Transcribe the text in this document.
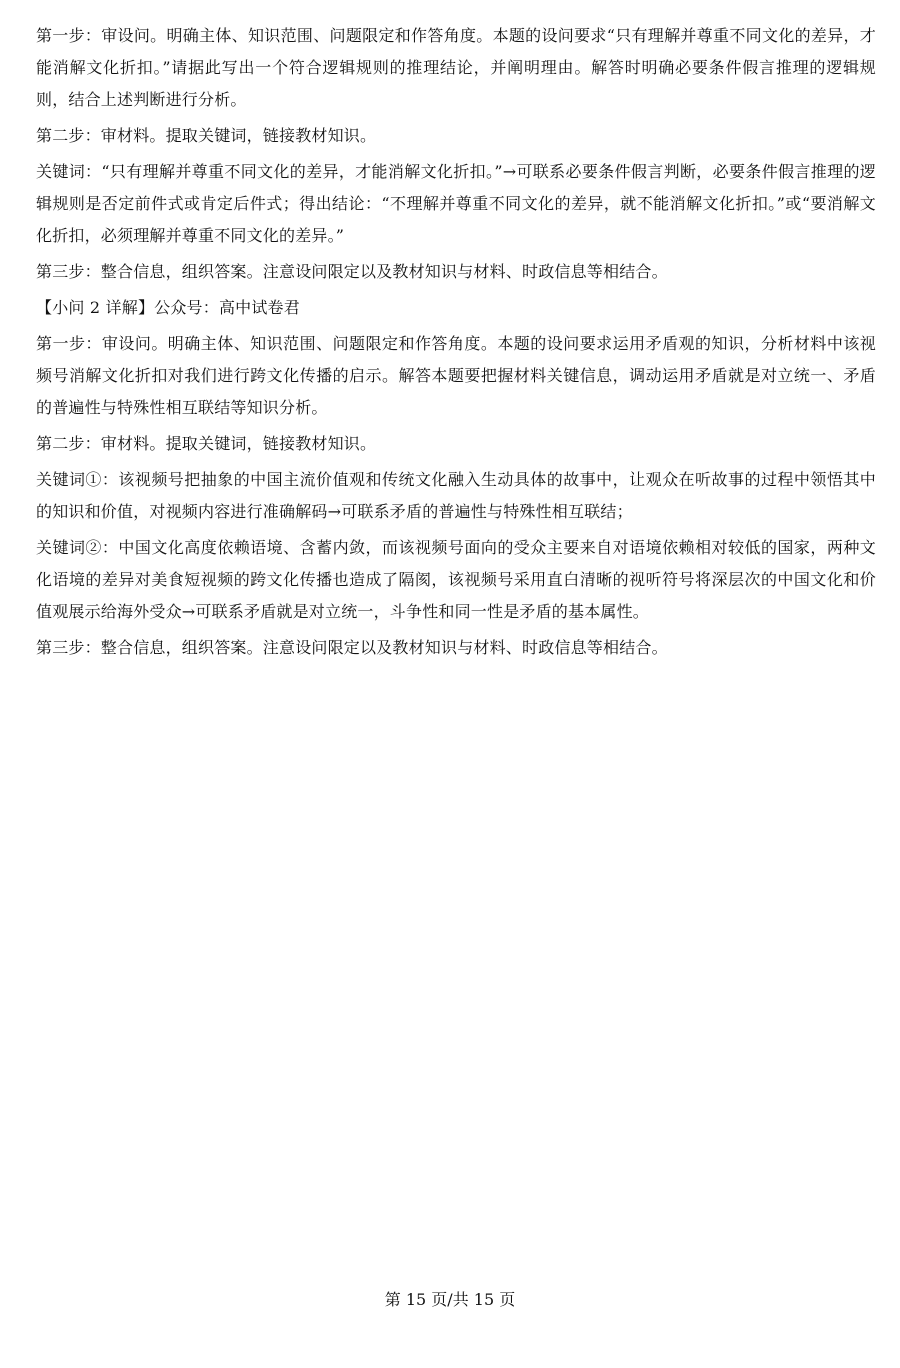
第一步：审设问。明确主体、知识范围、问题限定和作答角度。本题的设问要求“只有理解并尊重不同文化的差异，才能消解文化折扣。”请据此写出一个符合逻辑规则的推理结论，并阐明理由。解答时明确必要条件假言推理的逻辑规则，结合上述判断进行分析。

第二步：审材料。提取关键词，链接教材知识。

关键词：“只有理解并尊重不同文化的差异，才能消解文化折扣。”→可联系必要条件假言判断，必要条件假言推理的逻辑规则是否定前件式或肯定后件式；得出结论：“不理解并尊重不同文化的差异，就不能消解文化折扣。”或“要消解文化折扣，必须理解并尊重不同文化的差异。”

第三步：整合信息，组织答案。注意设问限定以及教材知识与材料、时政信息等相结合。

【小问 2 详解】公众号：高中试卷君

第一步：审设问。明确主体、知识范围、问题限定和作答角度。本题的设问要求运用矛盾观的知识，分析材料中该视频号消解文化折扣对我们进行跨文化传播的启示。解答本题要把握材料关键信息，调动运用矛盾就是对立统一、矛盾的普遍性与特殊性相互联结等知识分析。

第二步：审材料。提取关键词，链接教材知识。

关键词①：该视频号把抽象的中国主流价值观和传统文化融入生动具体的故事中，让观众在听故事的过程中领悟其中的知识和价值，对视频内容进行准确解码→可联系矛盾的普遍性与特殊性相互联结；

关键词②：中国文化高度依赖语境、含蓄内敛，而该视频号面向的受众主要来自对语境依赖相对较低的国家，两种文化语境的差异对美食短视频的跨文化传播也造成了隔阂，该视频号采用直白清晰的视听符号将深层次的中国文化和价值观展示给海外受众→可联系矛盾就是对立统一，斗争性和同一性是矛盾的基本属性。

第三步：整合信息，组织答案。注意设问限定以及教材知识与材料、时政信息等相结合。

第 15 页/共 15 页
